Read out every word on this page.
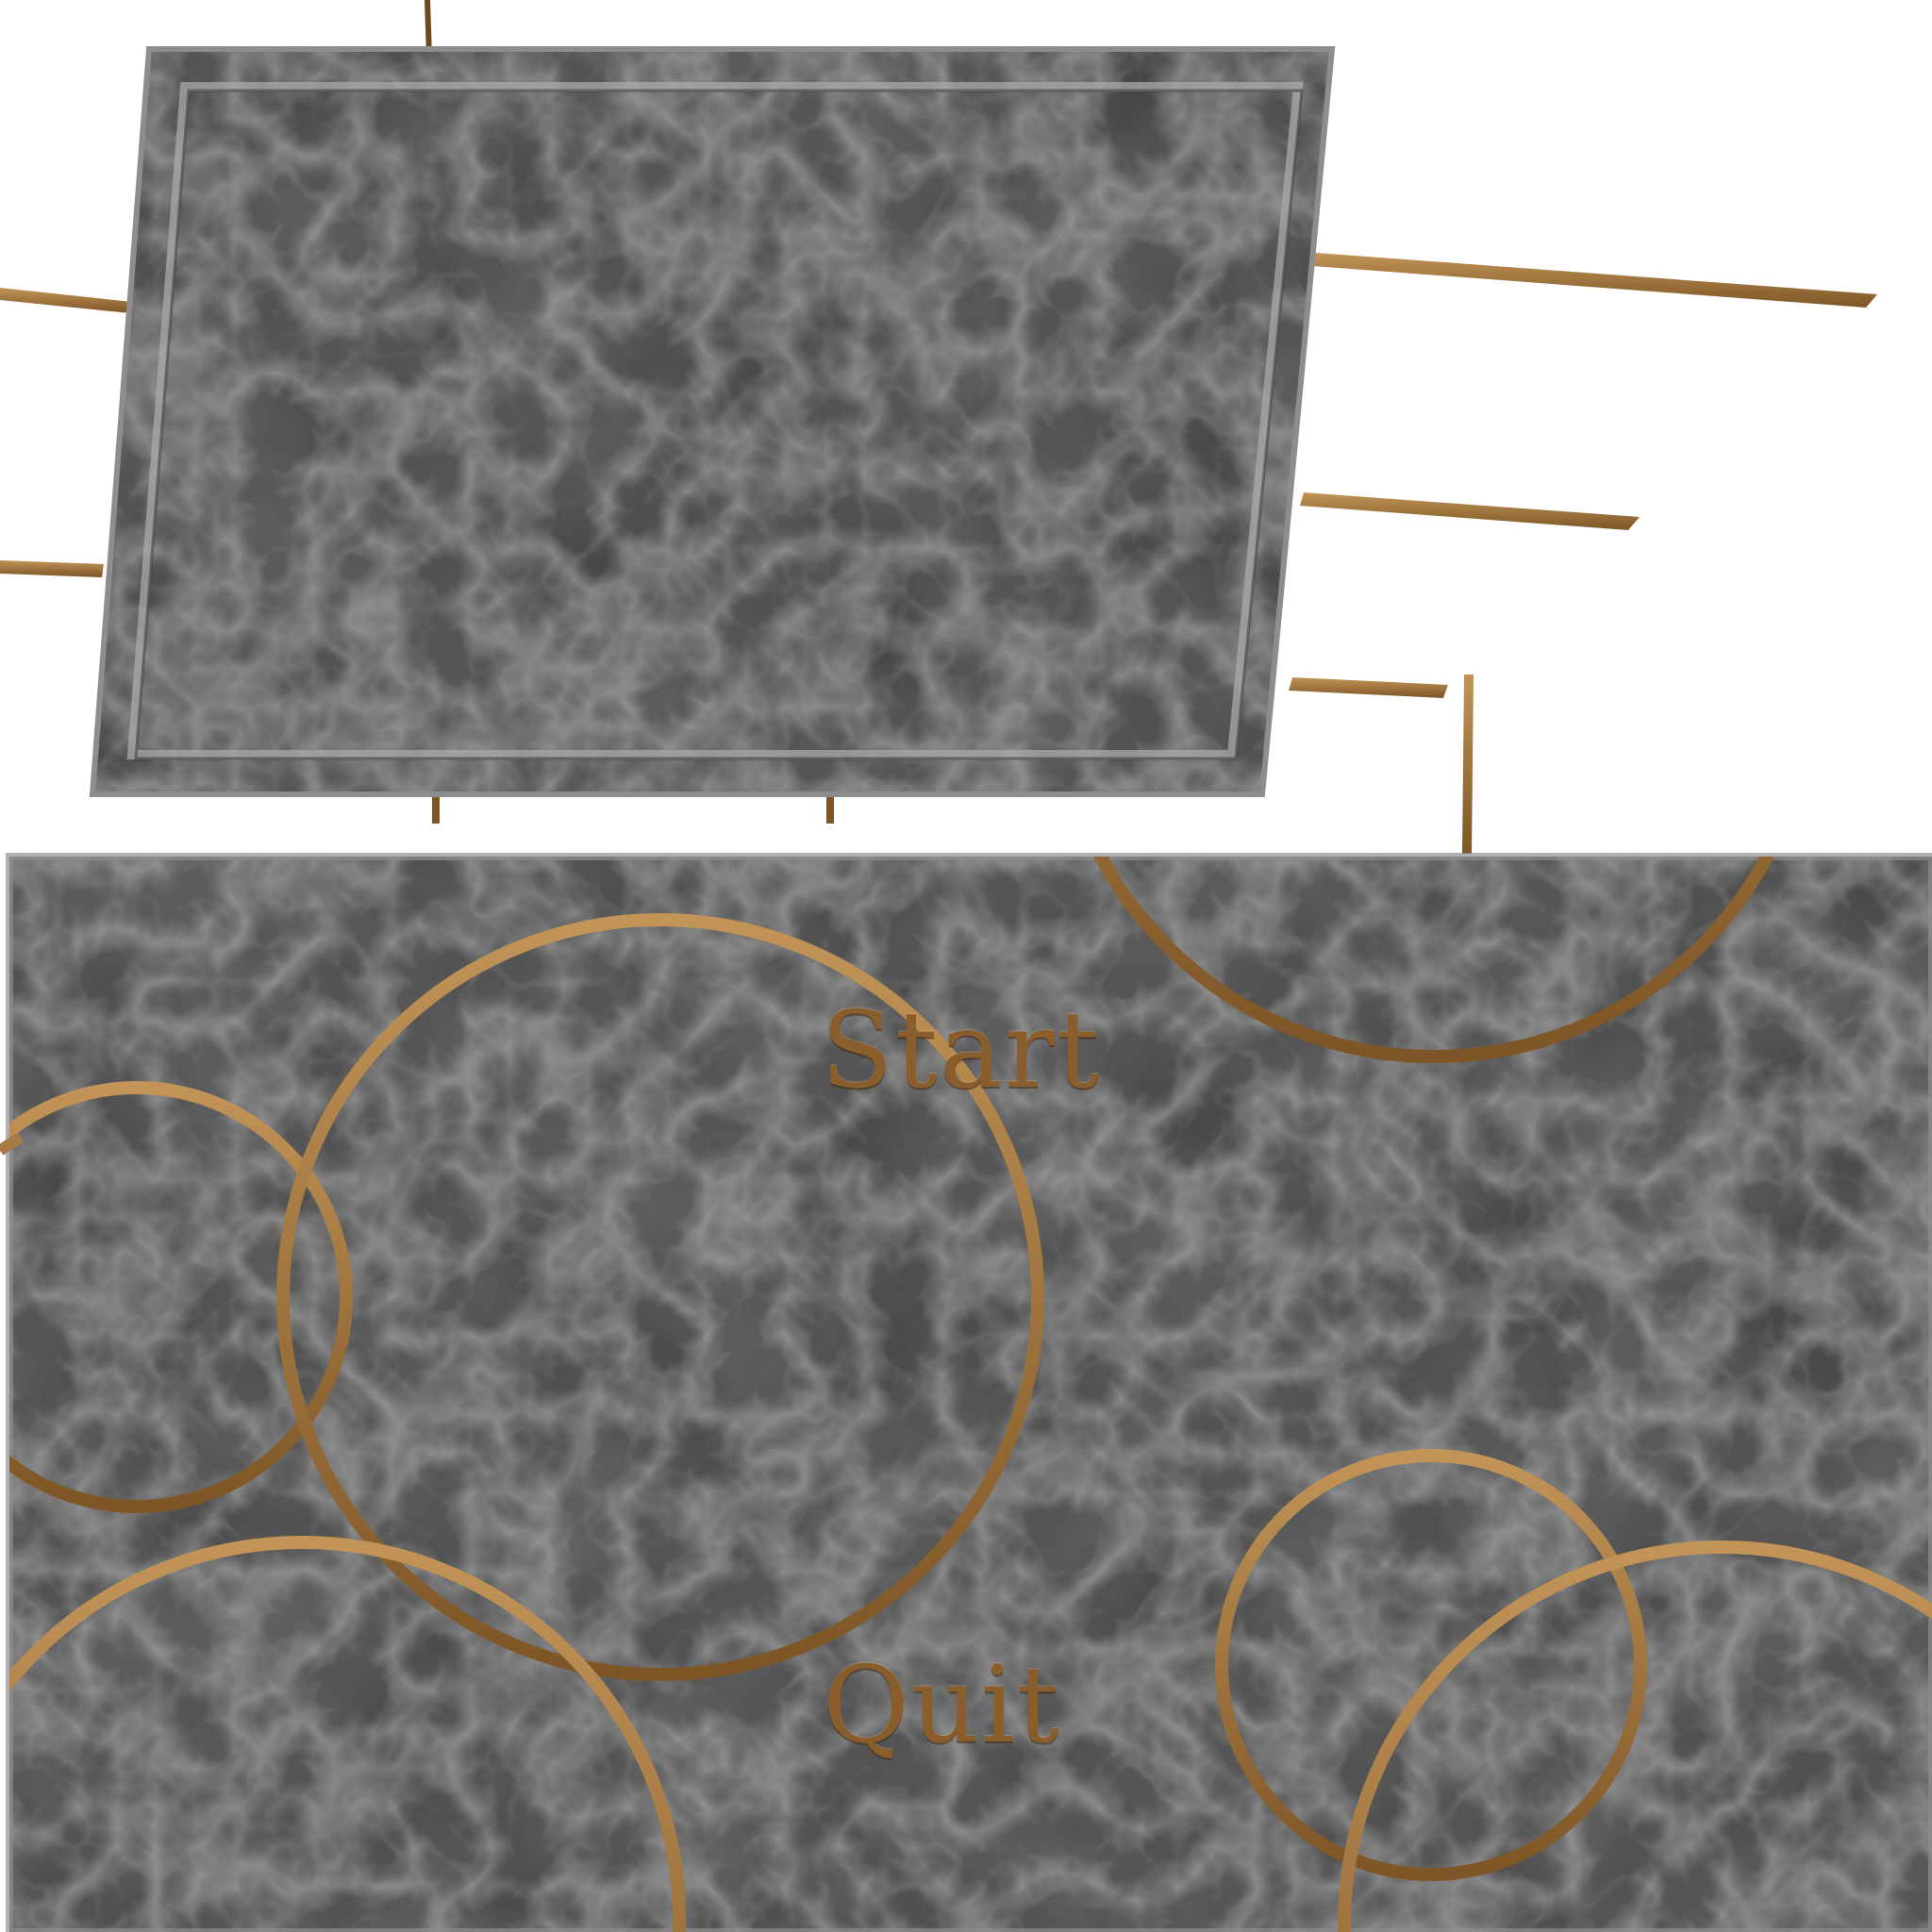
Start
Quit
